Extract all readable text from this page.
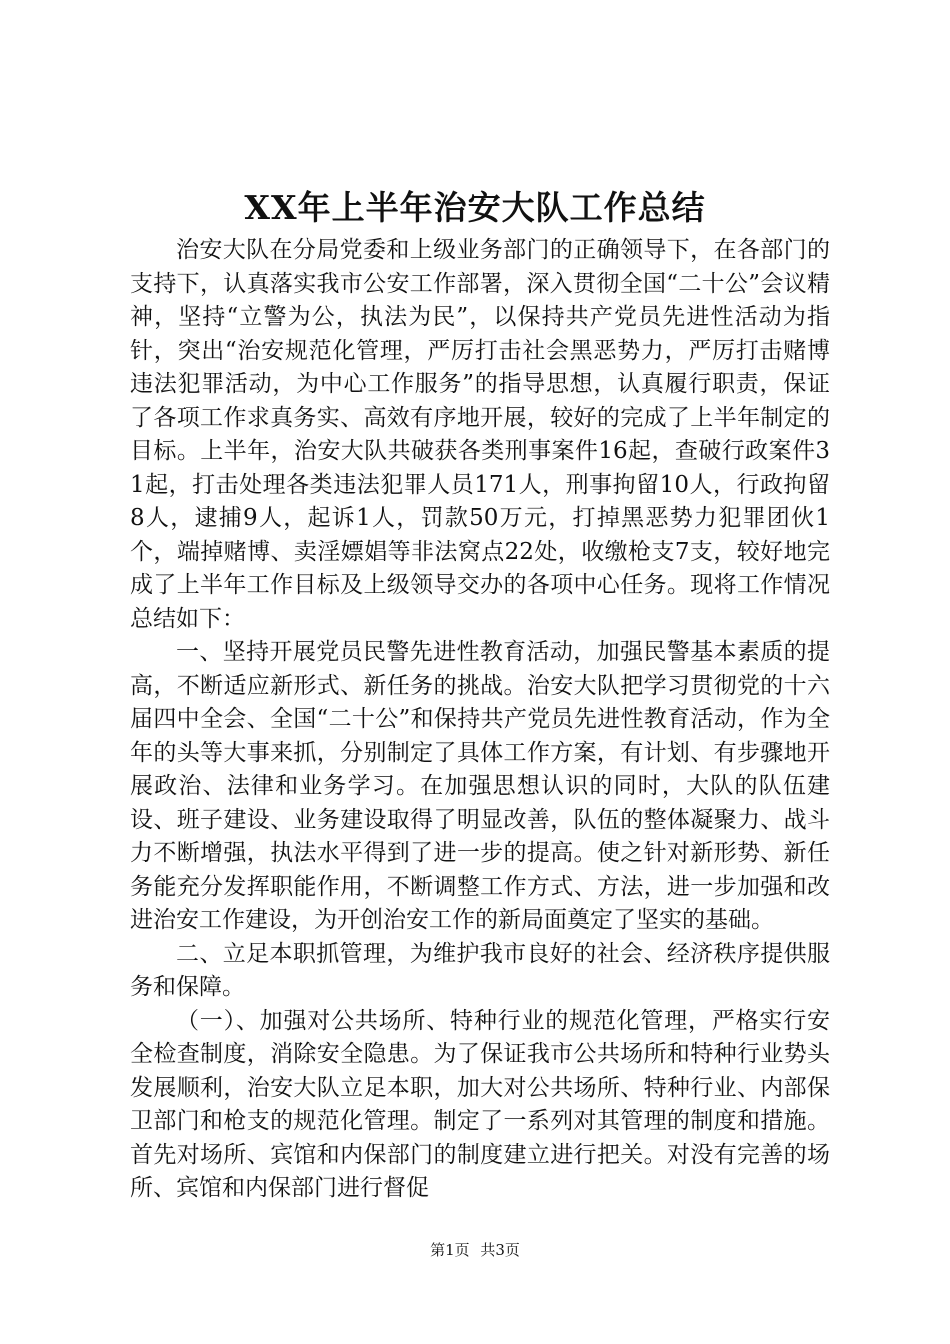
XX年上半年治安大队工作总结

治安大队在分局党委和上级业务部门的正确领导下，在各部门的支持下，认真落实我市公安工作部署，深入贯彻全国“二十公”会议精神，坚持“立警为公，执法为民”，以保持共产党员先进性活动为指针，突出“治安规范化管理，严厉打击社会黑恶势力，严厉打击赌博违法犯罪活动，为中心工作服务”的指导思想，认真履行职责，保证了各项工作求真务实、高效有序地开展，较好的完成了上半年制定的目标。上半年，治安大队共破获各类刑事案件16起，查破行政案件31起，打击处理各类违法犯罪人员171人，刑事拘留10人，行政拘留8人，逮捕9人，起诉1人，罚款50万元，打掉黑恶势力犯罪团伙1个，端掉赌博、卖淫嫖娼等非法窝点22处，收缴枪支7支，较好地完成了上半年工作目标及上级领导交办的各项中心任务。现将工作情况总结如下：

一、坚持开展党员民警先进性教育活动，加强民警基本素质的提高，不断适应新形式、新任务的挑战。治安大队把学习贯彻党的十六届四中全会、全国“二十公”和保持共产党员先进性教育活动，作为全年的头等大事来抓，分别制定了具体工作方案，有计划、有步骤地开展政治、法律和业务学习。在加强思想认识的同时，大队的队伍建设、班子建设、业务建设取得了明显改善，队伍的整体凝聚力、战斗力不断增强，执法水平得到了进一步的提高。使之针对新形势、新任务能充分发挥职能作用，不断调整工作方式、方法，进一步加强和改进治安工作建设，为开创治安工作的新局面奠定了坚实的基础。

二、立足本职抓管理，为维护我市良好的社会、经济秩序提供服务和保障。

（一）、加强对公共场所、特种行业的规范化管理，严格实行安全检查制度，消除安全隐患。为了保证我市公共场所和特种行业势头发展顺利，治安大队立足本职，加大对公共场所、特种行业、内部保卫部门和枪支的规范化管理。制定了一系列对其管理的制度和措施。首先对场所、宾馆和内保部门的制度建立进行把关。对没有完善的场所、宾馆和内保部门进行督促

第1页 共3页
